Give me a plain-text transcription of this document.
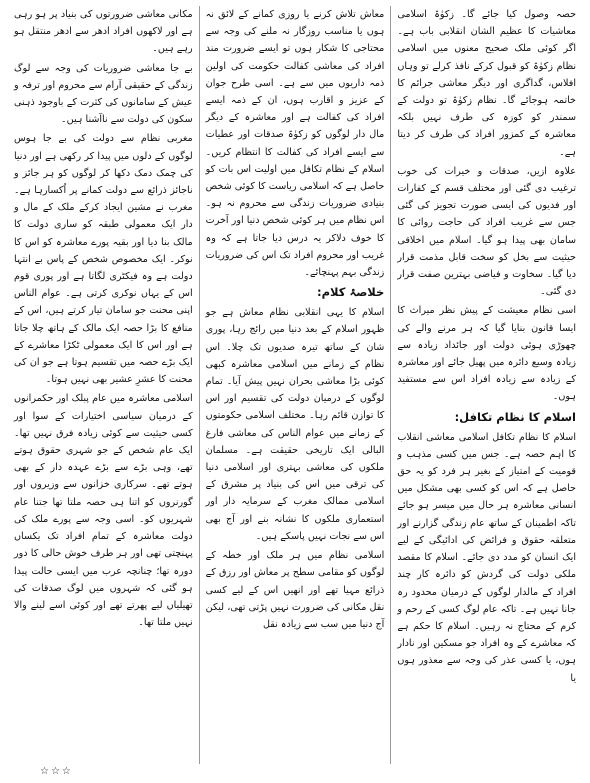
حصہ وصول کیا جائے گا۔ زکوٰۃ اسلامی معاشیات کا عظیم الشان انقلابی باب ہے۔ اگر کوئی ملک صحیح معنوں میں اسلامی نظام زکوٰۃ کو قبول کرکے نافذ کرلے تو وہاں افلاس، گداگری اور دیگر معاشی جرائم کا خاتمہ ہوجائے گا۔ نظام زکوٰۃ تو دولت کے سمندر کو کوزہ کی طرف نہیں بلکہ معاشرہ کے کمزور افراد کی طرف کر دیتا ہے۔
علاوہ ازیں، صدقات و خیرات کی خوب ترغیب دی گئی اور مختلف قسم کے کفارات اور فدیوں کی ایسی صورت تجویز کی گئی جس سے غریب افراد کی حاجت روائی کا سامان بھی پیدا ہو گیا۔ اسلام میں اخلاقی حیثیت سے بخل کو سخت قابل مذمت قرار دیا گیا۔ سخاوت و فیاضی بہترین صفت قرار دی گئی۔
اسی نظام معیشت کے پیش نظر میراث کا ایسا قانون بنایا گیا کہ ہر مرنے والے کی چھوڑی ہوئی دولت اور جائداد زیادہ سے زیادہ وسیع دائرہ میں پھیل جائے اور معاشرہ کے زیادہ سے زیادہ افراد اس سے مستفید ہوں۔
اسلام کا نظام تکافل:
اسلام کا نظام تکافل اسلامی معاشی انقلاب کا اہم حصہ ہے۔ جس میں کسی مذہب و قومیت کے امتیاز کے بغیر ہر فرد کو یہ حق حاصل ہے کہ اس کو کسی بھی مشکل میں انسانی معاشرہ ہر حال میں میسر ہو جائے تاکہ اطمینان کے ساتھ عام زندگی گزارنے اور متعلقہ حقوق و فرائض کی ادائیگی کے لیے ایک انسان کو مدد دی جائے۔ اسلام کا مقصد ملکی دولت کی گردش کو دائرہ کار چند افراد کے مالدار لوگوں کے درمیان محدود رہ جانا نہیں ہے۔ تاکہ عام لوگ کسی کے رحم و کرم کے محتاج نہ رہیں۔ اسلام کا حکم ہے کہ معاشرے کے وہ افراد جو مسکین اور نادار ہوں، یا کسی عذر کی وجہ سے معذور ہوں یا
معاش تلاش کرنے یا روزی کمانے کے لائق نہ ہوں یا مناسب روزگار نہ ملنے کی وجہ سے محتاجی کا شکار ہوں تو ایسے ضرورت مند افراد کی معاشی کفالت حکومت کی اولین ذمہ داریوں میں سے ہے۔ اسی طرح جوان کے عزیز و اقارب ہوں، ان کے ذمہ ایسے افراد کی کفالت ہے اور معاشرہ کے دیگر مال دار لوگوں کو زکوٰۃ صدقات اور عطیات سے ایسے افراد کی کفالت کا انتظام کریں۔ اسلام کے نظام تکافل میں اولیت اس بات کو حاصل ہے کہ اسلامی ریاست کا کوئی شخص بنیادی ضروریات زندگی سے محروم نہ ہو۔ اس نظام میں ہر کوئی شخص دنیا اور آخرت کا خوف دلاکر یہ درس دیا جاتا ہے کہ وہ غریب اور محروم افراد تک اس کی ضروریات زندگی بہم پہنچائے۔
خلاصۂ کلام:
اسلام کا یہی انقلابی نظام معاش ہے جو ظہور اسلام کے بعد دنیا میں رائج رہا، پوری شان کے ساتھ تیرہ صدیوں تک چلا۔ اس نظام کے زمانے میں اسلامی معاشرہ کبھی کوئی بڑا معاشی بحران نہیں پیش آیا۔ تمام لوگوں کے درمیان دولت کی تقسیم اور اس کا توازن قائم رہا۔ مختلف اسلامی حکومتوں کے زمانے میں عوام الناس کی معاشی فارغ البالی ایک تاریخی حقیقت ہے۔ مسلمان ملکوں کی معاشی بہتری اور اسلامی دنیا کی ترقی میں اس کی بنیاد پر مشرق کے اسلامی ممالک مغرب کے سرمایہ دار اور استعماری ملکوں کا نشانہ بنے اور آج بھی اس سے نجات نہیں پاسکے ہیں۔
اسلامی نظام میں ہر ملک اور خطہ کے لوگوں کو مقامی سطح پر معاش اور رزق کے ذرائع مہیا تھے اور انھیں اس کے لیے کسی نقل مکانی کی ضرورت نہیں پڑتی تھی، لیکن آج دنیا میں سب سے زیادہ نقل
مکانی معاشی ضرورتوں کی بنیاد پر ہو رہی ہے اور لاکھوں افراد ادھر سے ادھر منتقل ہو رہے ہیں۔
بے جا معاشی ضروریات کی وجہ سے لوگ زندگی کے حقیقی آرام سے محروم اور ترفہ و عیش کے سامانوں کی کثرت کے باوجود ذہنی سکون کی دولت سے ناآشنا ہیں۔
مغربی نظام سے دولت کی بے جا ہوس لوگوں کے دلوں میں پیدا کر رکھی ہے اور دنیا کی چمک دمک دکھا کر لوگوں کو ہر جائز و ناجائز ذرائع سے دولت کمانے پر اُکسارہا ہے۔ مغرب نے مشین ایجاد کرکے ملک کے مال و دار ایک معمولی طبقہ کو ساری دولت کا مالک بنا دیا اور بقیہ پورے معاشرہ کو اس کا نوکر۔ ایک مخصوص شخص کے پاس بے انتہا دولت ہے وہ فیکٹری لگاتا ہے اور پوری قوم اس کے یہاں نوکری کرتی ہے۔ عوام الناس اپنی محنت جو سامان تیار کرتے ہیں، اس کے منافع کا بڑا حصہ ایک مالک کے ہاتھ چلا جاتا ہے اور اس کا ایک معمولی ٹکڑا معاشرے کے ایک بڑے حصہ میں تقسیم ہوتا ہے جو ان کی محنت کا عشرِ عشیر بھی نہیں ہوتا۔
اسلامی معاشرہ میں عام پبلک اور حکمرانوں کے درمیان سیاسی اختیارات کے سوا اور کسی حیثیت سے کوئی زیادہ فرق نہیں تھا۔ ایک عام شخص کے جو شہری حقوق ہوتے تھے، وہی بڑے سے بڑے عہدہ دار کے بھی ہوتے تھے۔ سرکاری خزانوں سے وزیروں اور گورنروں کو اتنا ہی حصہ ملتا تھا جتنا عام شہریوں کو۔ اسی وجہ سے پورے ملک کی دولت معاشرہ کے تمام افراد تک یکساں پہنچتی تھی اور ہر طرف خوش حالی کا دور دورہ تھا؛ چنانچہ عرب میں ایسی حالت پیدا ہو گئی کہ شہروں میں لوگ صدقات کی تھیلیاں لیے پھرتے تھے اور کوئی اسے لینے والا نہیں ملتا تھا۔
☆☆☆
